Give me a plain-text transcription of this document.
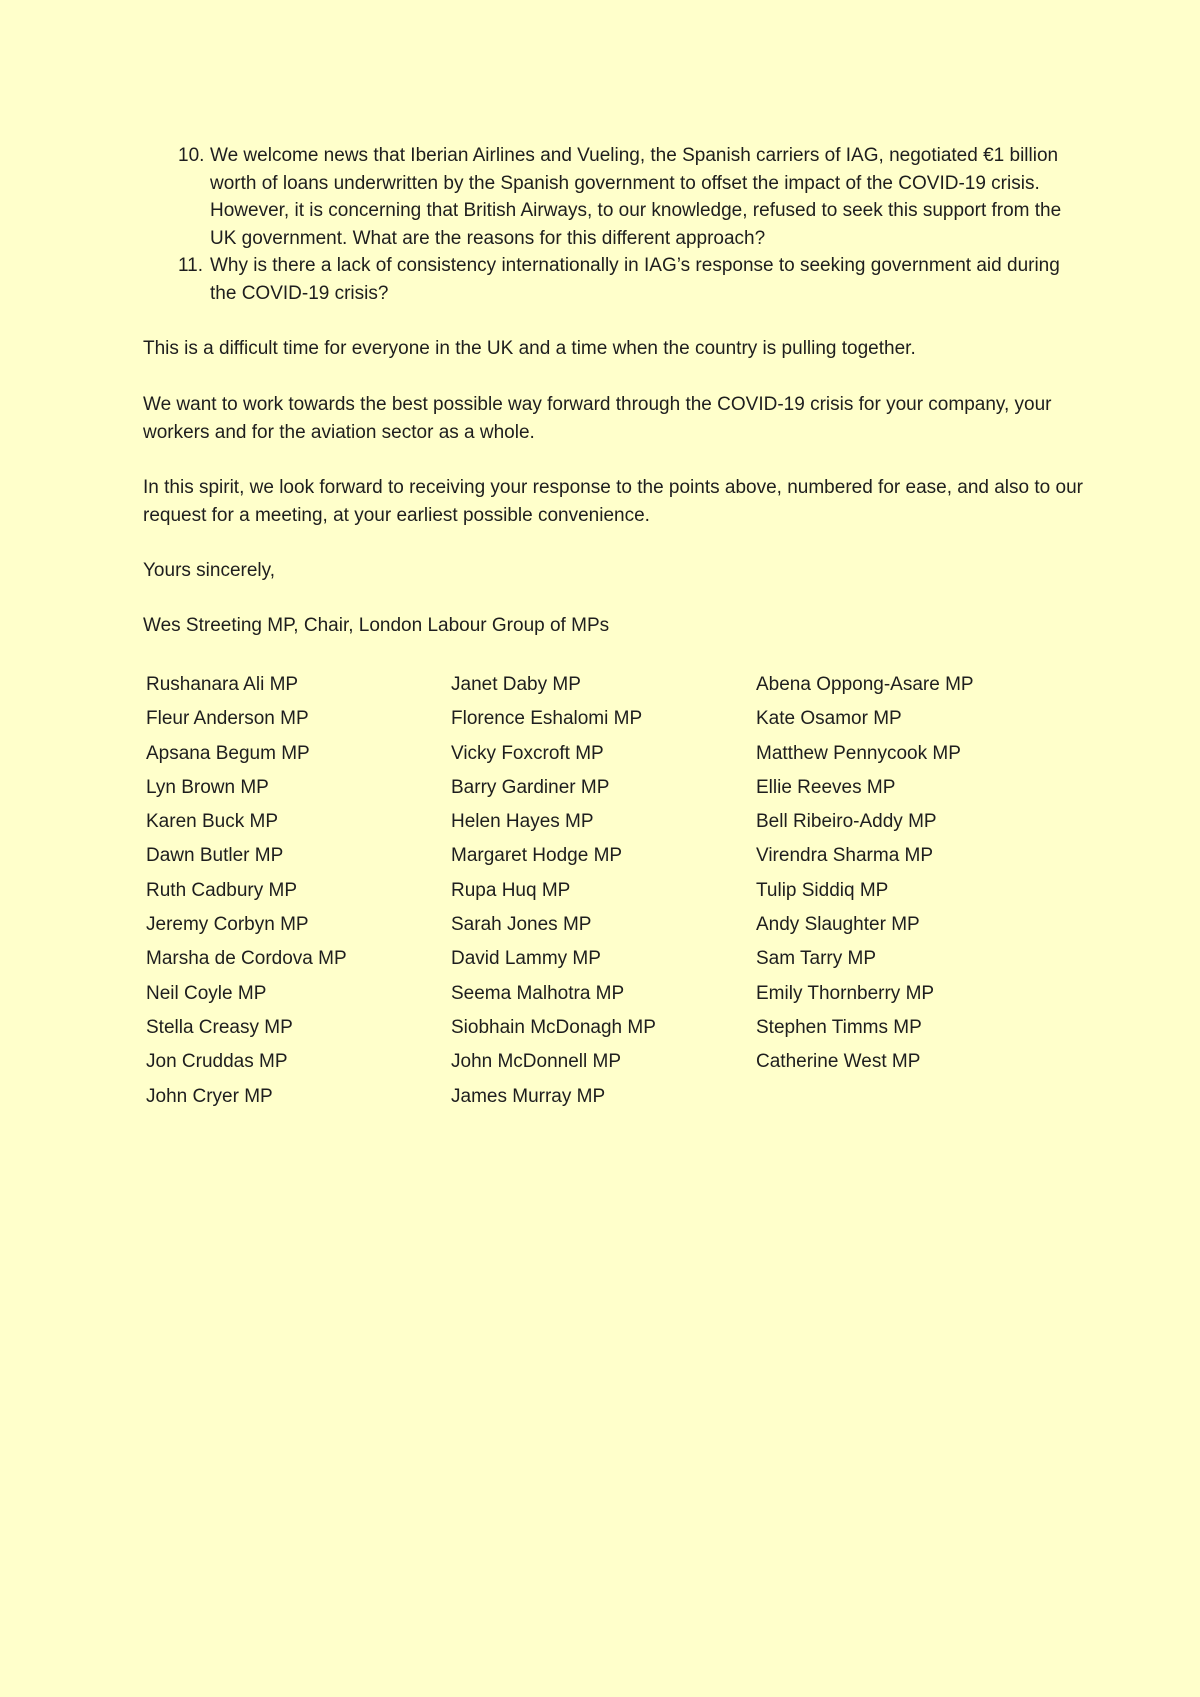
10. We welcome news that Iberian Airlines and Vueling, the Spanish carriers of IAG, negotiated €1 billion worth of loans underwritten by the Spanish government to offset the impact of the COVID-19 crisis. However, it is concerning that British Airways, to our knowledge, refused to seek this support from the UK government. What are the reasons for this different approach?
11. Why is there a lack of consistency internationally in IAG’s response to seeking government aid during the COVID-19 crisis?

This is a difficult time for everyone in the UK and a time when the country is pulling together.

We want to work towards the best possible way forward through the COVID-19 crisis for your company, your workers and for the aviation sector as a whole.

In this spirit, we look forward to receiving your response to the points above, numbered for ease, and also to our request for a meeting, at your earliest possible convenience.

Yours sincerely,

Wes Streeting MP, Chair, London Labour Group of MPs

Rushanara Ali MP
Fleur Anderson MP
Apsana Begum MP
Lyn Brown MP
Karen Buck MP
Dawn Butler MP
Ruth Cadbury MP
Jeremy Corbyn MP
Marsha de Cordova MP
Neil Coyle MP
Stella Creasy MP
Jon Cruddas MP
John Cryer MP
Janet Daby MP
Florence Eshalomi MP
Vicky Foxcroft MP
Barry Gardiner MP
Helen Hayes MP
Margaret Hodge MP
Rupa Huq MP
Sarah Jones MP
David Lammy MP
Seema Malhotra MP
Siobhain McDonagh MP
John McDonnell MP
James Murray MP
Abena Oppong-Asare MP
Kate Osamor MP
Matthew Pennycook MP
Ellie Reeves MP
Bell Ribeiro-Addy MP
Virendra Sharma MP
Tulip Siddiq MP
Andy Slaughter MP
Sam Tarry MP
Emily Thornberry MP
Stephen Timms MP
Catherine West MP
